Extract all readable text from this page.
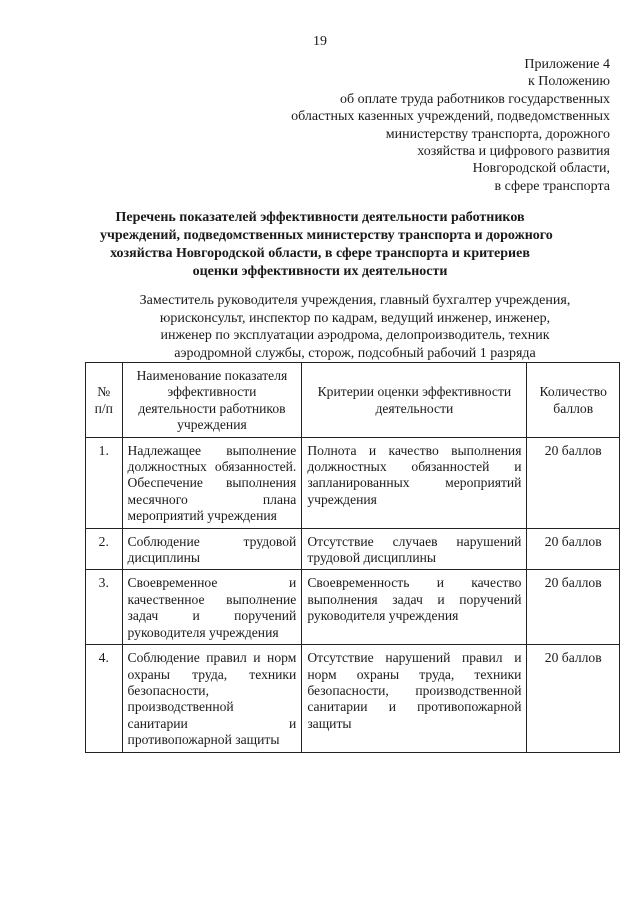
19
Приложение 4
к Положению
об оплате труда работников государственных
областных казенных учреждений, подведомственных
министерству транспорта, дорожного
хозяйства и цифрового развития
Новгородской области,
в сфере транспорта
Перечень показателей эффективности деятельности работников
учреждений, подведомственных министерству транспорта и дорожного
хозяйства Новгородской области, в сфере транспорта и критериев
оценки эффективности их деятельности
Заместитель руководителя учреждения, главный бухгалтер учреждения,
юрисконсульт, инспектор по кадрам, ведущий инженер, инженер,
инженер по эксплуатации аэродрома, делопроизводитель, техник
аэродромной службы, сторож, подсобный рабочий 1 разряда
№ п/п	Наименование показателя эффективности деятельности работников учреждения	Критерии оценки эффективности деятельности	Количество баллов
1.	Надлежащее выполнение должностных обязанностей. Обеспечение выполнения месячного плана мероприятий учреждения	Полнота и качество выполнения должностных обязанностей и запланированных мероприятий учреждения	20 баллов
2.	Соблюдение трудовой дисциплины	Отсутствие случаев нарушений трудовой дисциплины	20 баллов
3.	Своевременное и качественное выполнение задач и поручений руководителя учреждения	Своевременность и качество выполнения задач и поручений руководителя учреждения	20 баллов
4.	Соблюдение правил и норм охраны труда, техники безопасности, производственной санитарии и противопожарной защиты	Отсутствие нарушений правил и норм охраны труда, техники безопасности, производственной санитарии и противопожарной защиты	20 баллов
